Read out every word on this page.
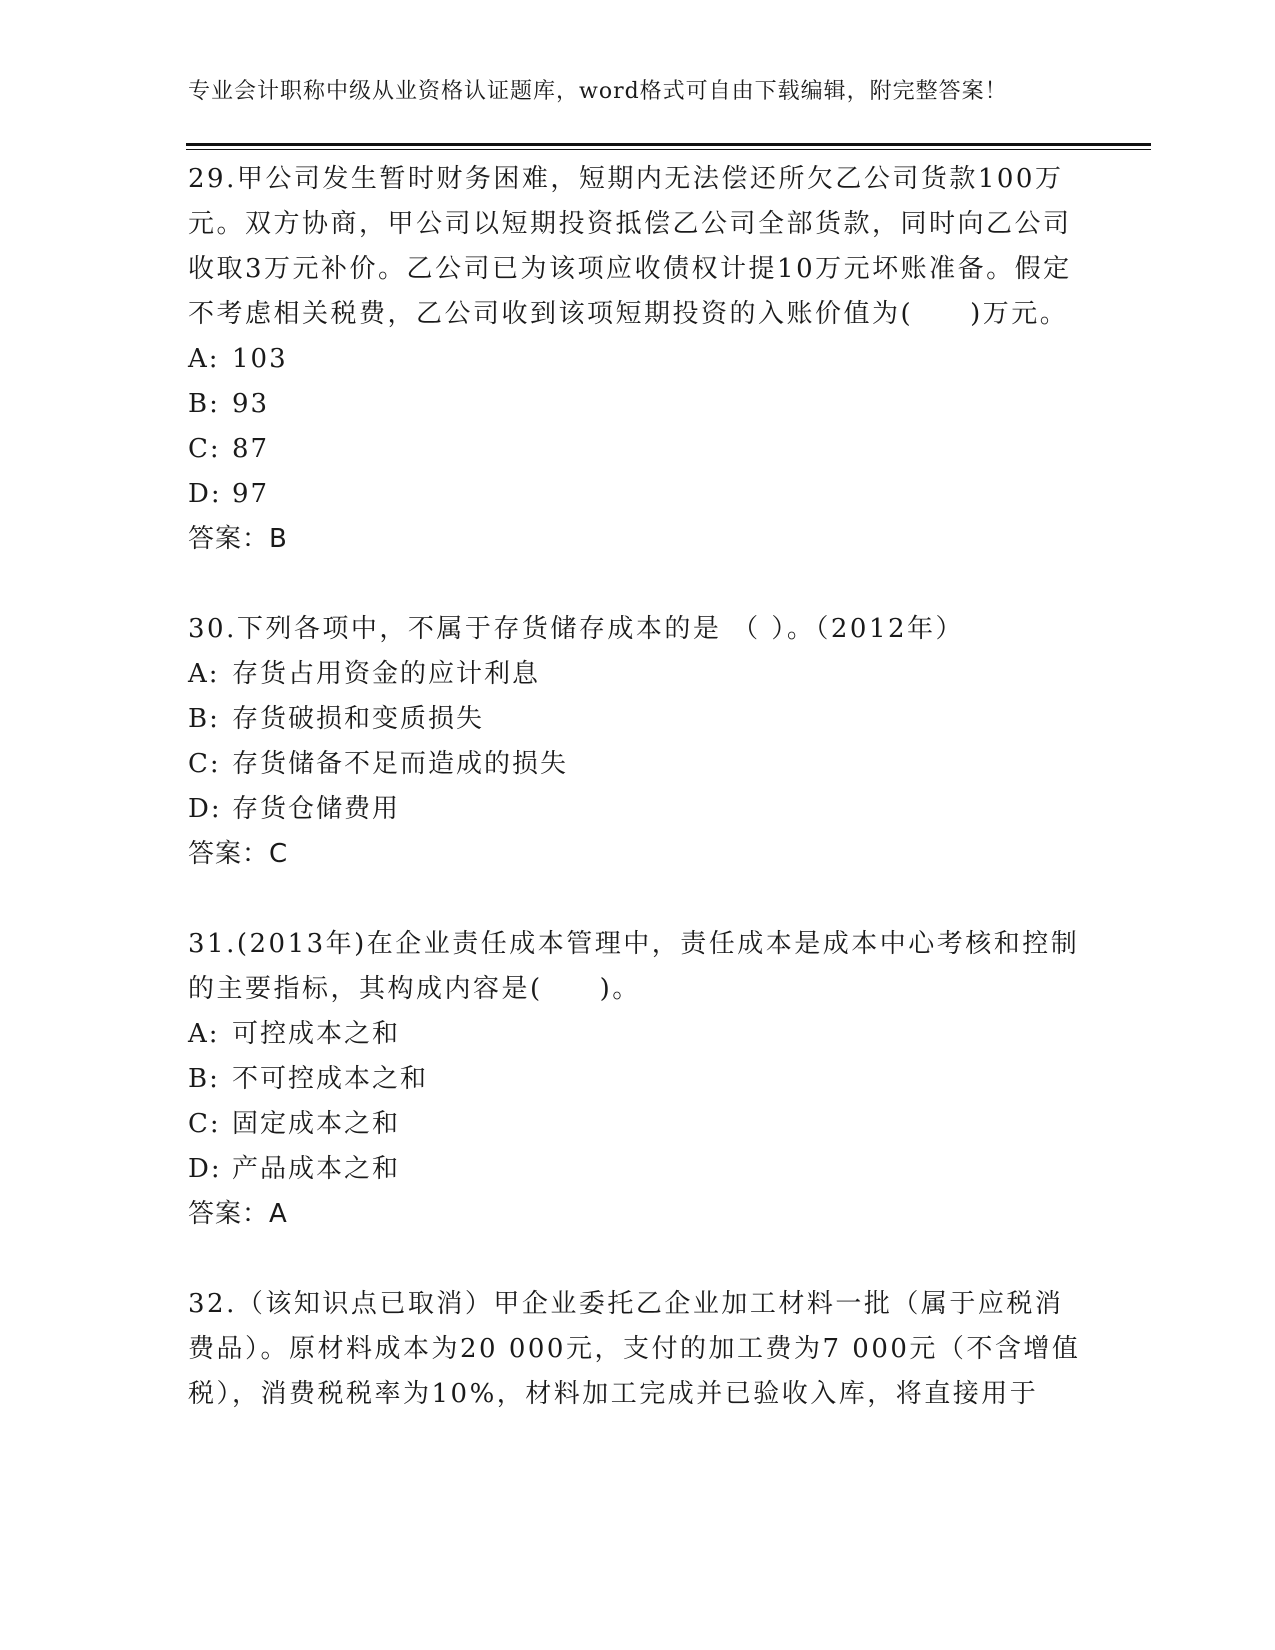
专业会计职称中级从业资格认证题库，word格式可自由下载编辑，附完整答案！

29.甲公司发生暂时财务困难，短期内无法偿还所欠乙公司货款100万元。双方协商，甲公司以短期投资抵偿乙公司全部货款，同时向乙公司收取3万元补价。乙公司已为该项应收债权计提10万元坏账准备。假定不考虑相关税费，乙公司收到该项短期投资的入账价值为(　　)万元。

A: 103

B: 93

C: 87

D: 97

答案：B

30.下列各项中，不属于存货储存成本的是 （ ）。（2012年）

A: 存货占用资金的应计利息

B: 存货破损和变质损失

C: 存货储备不足而造成的损失

D: 存货仓储费用

答案：C

31.(2013年)在企业责任成本管理中，责任成本是成本中心考核和控制的主要指标，其构成内容是(　　)。

A: 可控成本之和

B: 不可控成本之和

C: 固定成本之和

D: 产品成本之和

答案：A

32.（该知识点已取消）甲企业委托乙企业加工材料一批（属于应税消费品）。原材料成本为20 000元，支付的加工费为7 000元（不含增值税），消费税税率为10%，材料加工完成并已验收入库，将直接用于
